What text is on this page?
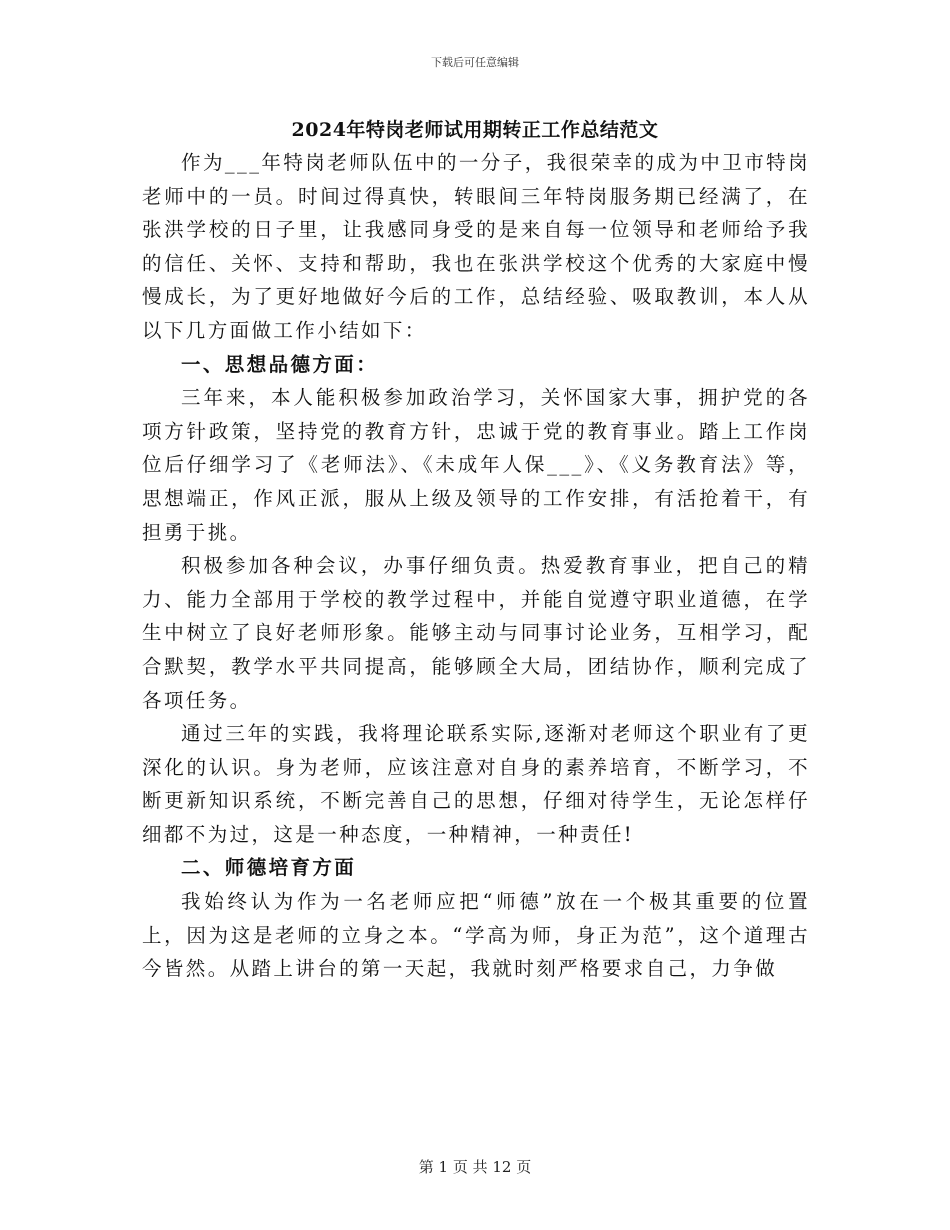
下载后可任意编辑
2024年特岗老师试用期转正工作总结范文

作为___年特岗老师队伍中的一分子，我很荣幸的成为中卫市特岗老师中的一员。时间过得真快，转眼间三年特岗服务期已经满了，在张洪学校的日子里，让我感同身受的是来自每一位领导和老师给予我的信任、关怀、支持和帮助，我也在张洪学校这个优秀的大家庭中慢慢成长，为了更好地做好今后的工作，总结经验、吸取教训，本人从以下几方面做工作小结如下：

一、思想品德方面：

三年来，本人能积极参加政治学习，关怀国家大事，拥护党的各项方针政策，坚持党的教育方针，忠诚于党的教育事业。踏上工作岗位后仔细学习了《老师法》、《未成年人保___》、《义务教育法》等，思想端正，作风正派，服从上级及领导的工作安排，有活抢着干，有担勇于挑。

积极参加各种会议，办事仔细负责。热爱教育事业，把自己的精力、能力全部用于学校的教学过程中，并能自觉遵守职业道德，在学生中树立了良好老师形象。能够主动与同事讨论业务，互相学习，配合默契，教学水平共同提高，能够顾全大局，团结协作，顺利完成了各项任务。

通过三年的实践，我将理论联系实际,逐渐对老师这个职业有了更深化的认识。身为老师，应该注意对自身的素养培育，不断学习，不断更新知识系统，不断完善自己的思想，仔细对待学生，无论怎样仔细都不为过，这是一种态度，一种精神，一种责任!

二、师德培育方面

我始终认为作为一名老师应把“师德”放在一个极其重要的位置上，因为这是老师的立身之本。“学高为师，身正为范”，这个道理古今皆然。从踏上讲台的第一天起，我就时刻严格要求自己，力争做

第 1 页 共 12 页
